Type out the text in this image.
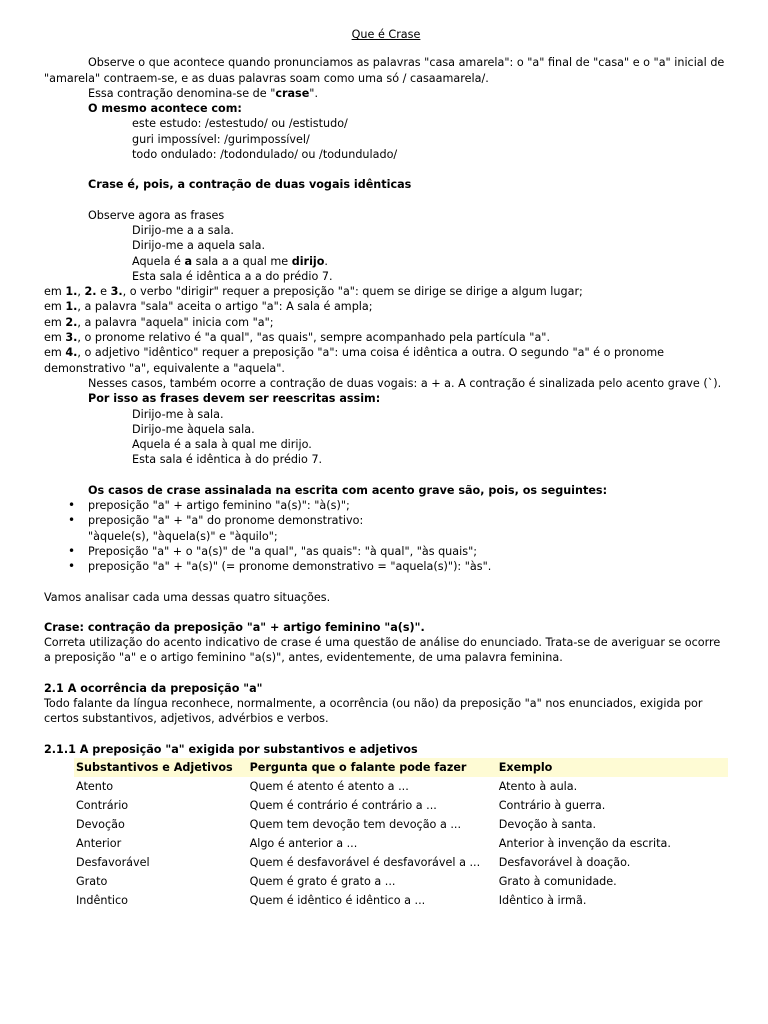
Que é Crase

Observe o que acontece quando pronunciamos as palavras "casa amarela": o "a" final de "casa" e o "a" inicial de "amarela" contraem-se, e as duas palavras soam como uma só / casaamarela/.

Essa contração denomina-se de "crase".

O mesmo acontece com:

este estudo: /estestudo/ ou /estistudo/

guri impossível: /gurimpossível/

todo ondulado: /todondulado/ ou /todundulado/

Crase é, pois, a contração de duas vogais idênticas

Observe agora as frases

Dirijo-me a a sala.

Dirijo-me a aquela sala.

Aquela é a sala a a qual me dirijo.

Esta sala é idêntica a a do prédio 7.

em 1., 2. e 3., o verbo "dirigir" requer a preposição "a": quem se dirige se dirige a algum lugar;

em 1., a palavra "sala" aceita o artigo "a": A sala é ampla;

em 2., a palavra "aquela" inicia com "a";

em 3., o pronome relativo é "a qual", "as quais", sempre acompanhado pela partícula "a".

em 4., o adjetivo "idêntico" requer a preposição "a": uma coisa é idêntica a outra. O segundo "a" é o pronome demonstrativo "a", equivalente a "aquela".

Nesses casos, também ocorre a contração de duas vogais: a + a. A contração é sinalizada pelo acento grave (`).

Por isso as frases devem ser reescritas assim:

Dirijo-me à sala.

Dirijo-me àquela sala.

Aquela é a sala à qual me dirijo.

Esta sala é idêntica à do prédio 7.

Os casos de crase assinalada na escrita com acento grave são, pois, os seguintes:

• preposição "a" + artigo feminino "a(s)": "à(s)";
• preposição "a" + "a" do pronome demonstrativo:
"àquele(s), "àquela(s)" e "àquilo";
• Preposição "a" + o "a(s)" de "a qual", "as quais": "à qual", "às quais";
• preposição "a" + "a(s)" (= pronome demonstrativo = "aquela(s)"): "às".

Vamos analisar cada uma dessas quatro situações.

Crase: contração da preposição "a" + artigo feminino "a(s)".

Correta utilização do acento indicativo de crase é uma questão de análise do enunciado. Trata-se de averiguar se ocorre a preposição "a" e o artigo feminino "a(s)", antes, evidentemente, de uma palavra feminina.

2.1 A ocorrência da preposição "a"

Todo falante da língua reconhece, normalmente, a ocorrência (ou não) da preposição "a" nos enunciados, exigida por certos substantivos, adjetivos, advérbios e verbos.

2.1.1 A preposição "a" exigida por substantivos e adjetivos

Substantivos e Adjetivos	Pergunta que o falante pode fazer	Exemplo
Atento	Quem é atento é atento a ...	Atento à aula.
Contrário	Quem é contrário é contrário a ...	Contrário à guerra.
Devoção	Quem tem devoção tem devoção a ...	Devoção à santa.
Anterior	Algo é anterior a ...	Anterior à invenção da escrita.
Desfavorável	Quem é desfavorável é desfavorável a ...	Desfavorável à doação.
Grato	Quem é grato é grato a ...	Grato à comunidade.
Indêntico	Quem é idêntico é idêntico a ...	Idêntico à irmã.
